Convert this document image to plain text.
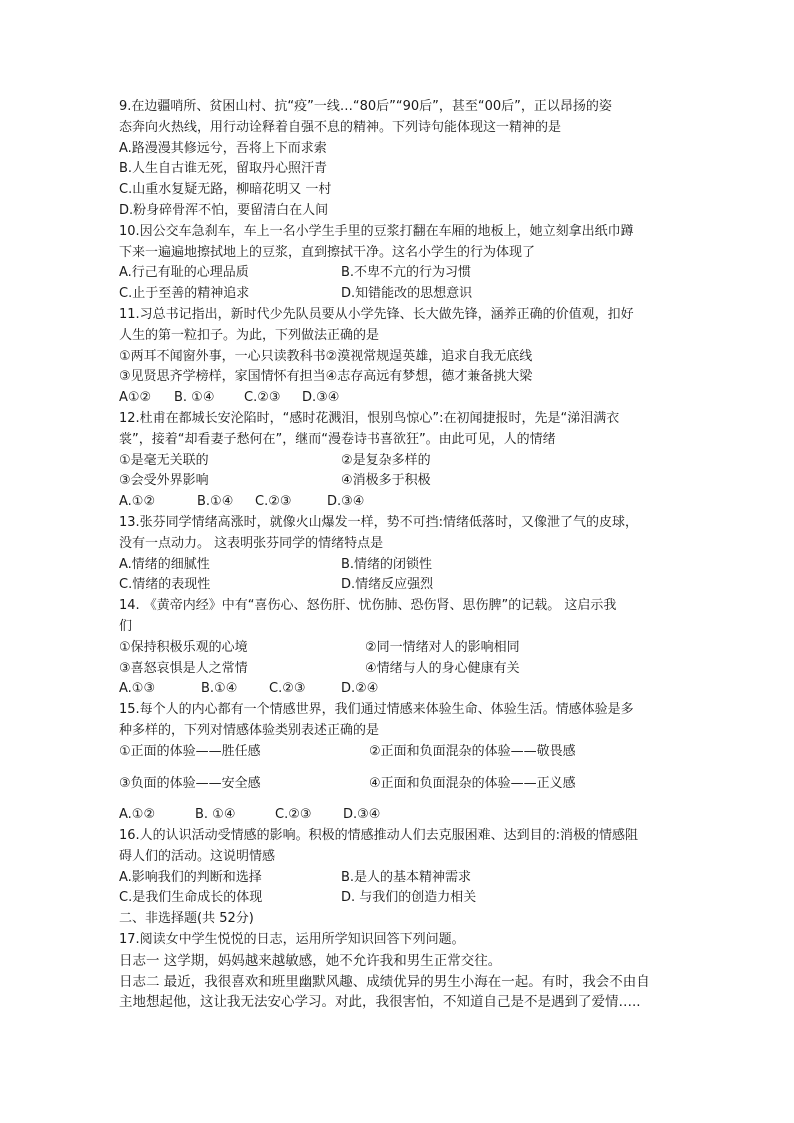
9.在边疆哨所、贫困山村、抗“疫”一线…“80后”“90后”，甚至“00后”，正以昂扬的姿
态奔向火热线，用行动诠释着自强不息的精神。下列诗句能体现这一精神的是
A.路漫漫其修远兮，吾将上下而求索
B.人生自古谁无死，留取丹心照汗青
C.山重水复疑无路，柳暗花明又 一村
D.粉身碎骨浑不怕，要留清白在人间
10.因公交车急刹车，车上一名小学生手里的豆浆打翻在车厢的地板上，她立刻拿出纸巾蹲
下来一遍遍地擦拭地上的豆浆，直到擦拭干净。这名小学生的行为体现了
A.行己有耻的心理品质	B.不卑不亢的行为习惯
C.止于至善的精神追求	D.知错能改的思想意识
11.习总书记指出，新时代少先队员要从小学先锋、长大做先锋，涵养正确的价值观，扣好
人生的第一粒扣子。为此，下列做法正确的是
①两耳不闻窗外事，一心只读教科书②漠视常规逞英雄，追求自我无底线
③见贤思齐学榜样，家国情怀有担当④志存高远有梦想，德才兼备挑大梁
A①②	B. ①④	C.②③	D.③④
12.杜甫在都城长安沦陷时，“感时花溅泪，恨别鸟惊心”:在初闻捷报时，先是“涕泪满衣
裳”，接着“却看妻子愁何在”，继而“漫卷诗书喜欲狂”。由此可见，人的情绪
①是毫无关联的	②是复杂多样的
③会受外界影响	④消极多于积极
A.①②	B.①④	C.②③	D.③④
13.张芬同学情绪高涨时，就像火山爆发一样，势不可挡:情绪低落时，又像泄了气的皮球，
没有一点动力。 这表明张芬同学的情绪特点是
A.情绪的细腻性	B.情绪的闭锁性
C.情绪的表现性	D.情绪反应强烈
14. 《黄帝内经》中有“喜伤心、怒伤肝、忧伤肺、恐伤肾、思伤脾”的记载。 这启示我
们
①保持积极乐观的心境	②同一情绪对人的影响相同
③喜怒哀惧是人之常情	④情绪与人的身心健康有关
A.①③	B.①④	C.②③	D.②④
15.每个人的内心都有一个情感世界，我们通过情感来体验生命、体验生活。情感体验是多
种多样的，下列对情感体验类别表述正确的是
①正面的体验——胜任感	②正面和负面混杂的体验——敬畏感
③负面的体验——安全感	④正面和负面混杂的体验——正义感
A.①②	B. ①④	C.②③	D.③④
16.人的认识活动受情感的影响。积极的情感推动人们去克服困难、达到目的:消极的情感阻
碍人们的活动。这说明情感
A.影响我们的判断和选择	B.是人的基本精神需求
C.是我们生命成长的体现	D. 与我们的创造力相关
二、非选择题(共 52分)
17.阅读女中学生悦悦的日志，运用所学知识回答下列问题。
日志一 这学期，妈妈越来越敏感，她不允许我和男生正常交往。
日志二 最近，我很喜欢和班里幽默风趣、成绩优异的男生小海在一起。有时，我会不由自
主地想起他，这让我无法安心学习。对此，我很害怕，不知道自己是不是遇到了爱情…..
